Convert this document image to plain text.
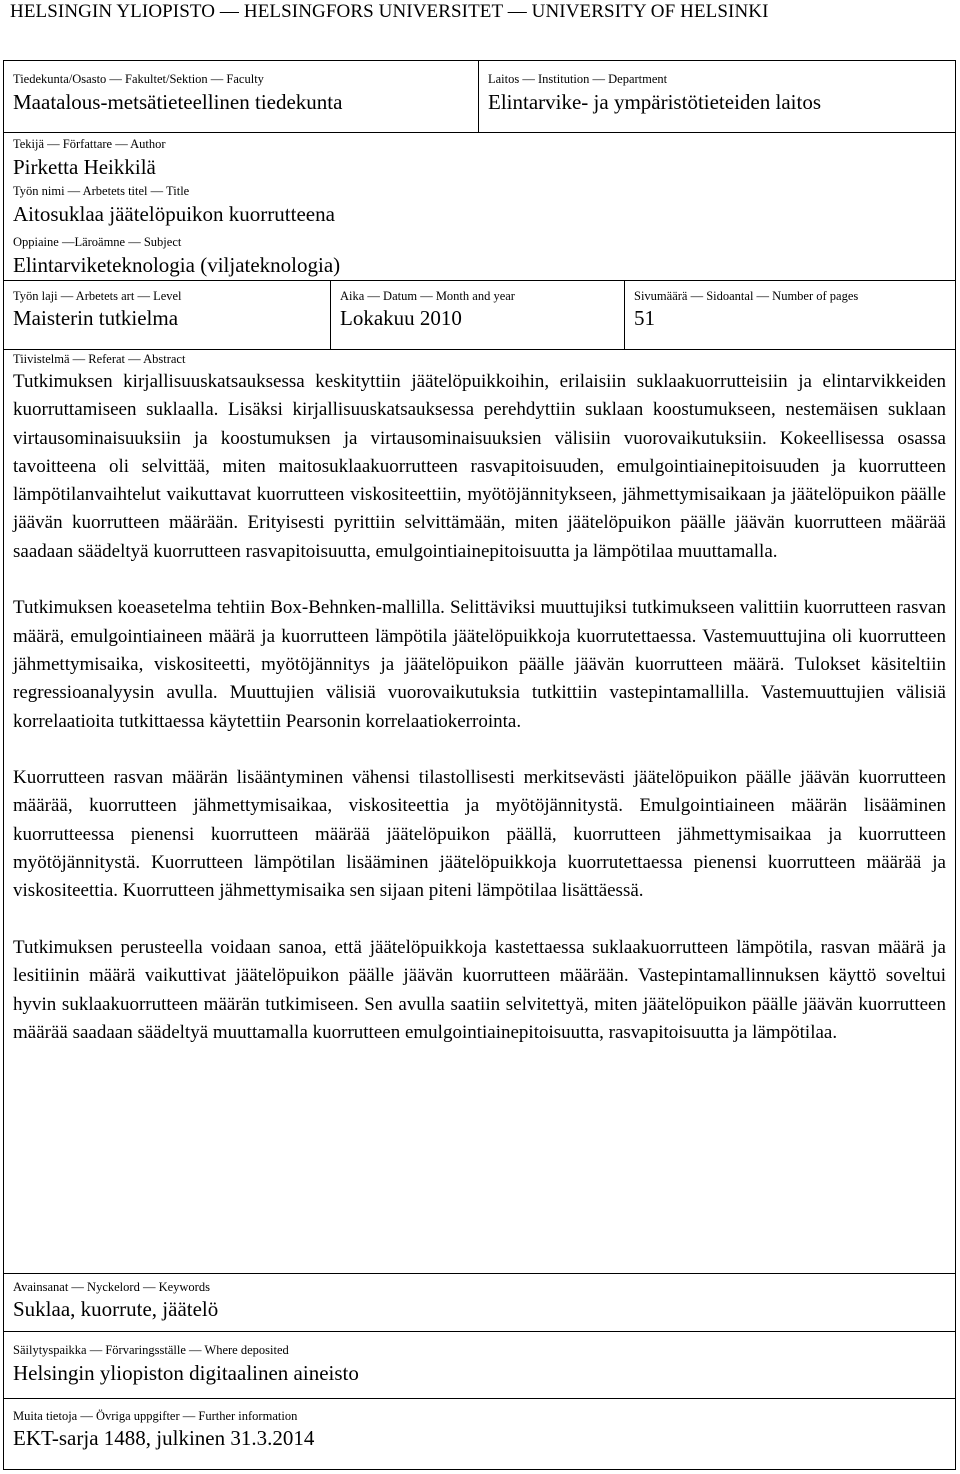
HELSINGIN YLIOPISTO — HELSINGFORS UNIVERSITET — UNIVERSITY OF HELSINKI
Tiedekunta/Osasto — Fakultet/Sektion — Faculty
Maatalous-metsätieteellinen tiedekunta
Laitos — Institution — Department
Elintarvike- ja ympäristötieteiden laitos
Tekijä — Författare — Author
Pirketta Heikkilä
Työn nimi — Arbetets titel — Title
Aitosuklaa jäätelöpuikon kuorrutteena
Oppiaine —Läroämne — Subject
Elintarviketeknologia (viljateknologia)
Työn laji — Arbetets art — Level
Maisterin tutkielma
Aika — Datum — Month and year
Lokakuu 2010
Sivumäärä — Sidoantal — Number of pages
51
Tiivistelmä — Referat — Abstract

Tutkimuksen kirjallisuuskatsauksessa keskityttiin jäätelöpuikkoihin, erilaisiin suklaakuorrutteisiin ja elintarvikkeiden kuorruttamiseen suklaalla. Lisäksi kirjallisuuskatsauksessa perehdyttiin suklaan koostumukseen, nestemäisen suklaan virtausominaisuuksiin ja koostumuksen ja virtausominaisuuksien välisiin vuorovaikutuksiin. Kokeellisessa osassa tavoitteena oli selvittää, miten maitosuklaakuorrutteen rasvapitoisuuden, emulgointiainepitoisuuden ja kuorrutteen lämpötilanvaihtelut vaikuttavat kuorrutteen viskositeettiin, myötöjännitykseen, jähmettymisaikaan ja jäätelöpuikon päälle jäävän kuorrutteen määrään. Erityisesti pyrittiin selvittämään, miten jäätelöpuikon päälle jäävän kuorrutteen määrää saadaan säädeltyä kuorrutteen rasvapitoisuutta, emulgointiainepitoisuutta ja lämpötilaa muuttamalla.

Tutkimuksen koeasetelma tehtiin Box-Behnken-mallilla. Selittäviksi muuttujiksi tutkimukseen valittiin kuorrutteen rasvan määrä, emulgointiaineen määrä ja kuorrutteen lämpötila jäätelöpuikkoja kuorrutettaessa. Vastemuuttujina oli kuorrutteen jähmettymisaika, viskositeetti, myötöjännitys ja jäätelöpuikon päälle jäävän kuorrutteen määrä. Tulokset käsiteltiin regressioanalyysin avulla. Muuttujien välisiä vuorovaikutuksia tutkittiin vastepintamallilla. Vastemuuttujien välisiä korrelaatioita tutkittaessa käytettiin Pearsonin korrelaatiokerrointa.

Kuorrutteen rasvan määrän lisääntyminen vähensi tilastollisesti merkitsevästi jäätelöpuikon päälle jäävän kuorrutteen määrää, kuorrutteen jähmettymisaikaa, viskositeettia ja myötöjännitystä. Emulgointiaineen määrän lisääminen kuorrutteessa pienensi kuorrutteen määrää jäätelöpuikon päällä, kuorrutteen jähmettymisaikaa ja kuorrutteen myötöjännitystä. Kuorrutteen lämpötilan lisääminen jäätelöpuikkoja kuorrutettaessa pienensi kuorrutteen määrää ja viskositeettia. Kuorrutteen jähmettymisaika sen sijaan piteni lämpötilaa lisättäessä.

Tutkimuksen perusteella voidaan sanoa, että jäätelöpuikkoja kastettaessa suklaakuorrutteen lämpötila, rasvan määrä ja lesitiinin määrä vaikuttivat jäätelöpuikon päälle jäävän kuorrutteen määrään. Vastepintamallinnuksen käyttö soveltui hyvin suklaakuorrutteen määrän tutkimiseen. Sen avulla saatiin selvitettyä, miten jäätelöpuikon päälle jäävän kuorrutteen määrää saadaan säädeltyä muuttamalla kuorrutteen emulgointiainepitoisuutta, rasvapitoisuutta ja lämpötilaa.

Avainsanat — Nyckelord — Keywords
Suklaa, kuorrute, jäätelö
Säilytyspaikka — Förvaringsställe — Where deposited
Helsingin yliopiston digitaalinen aineisto
Muita tietoja — Övriga uppgifter — Further information
EKT-sarja 1488, julkinen 31.3.2014
